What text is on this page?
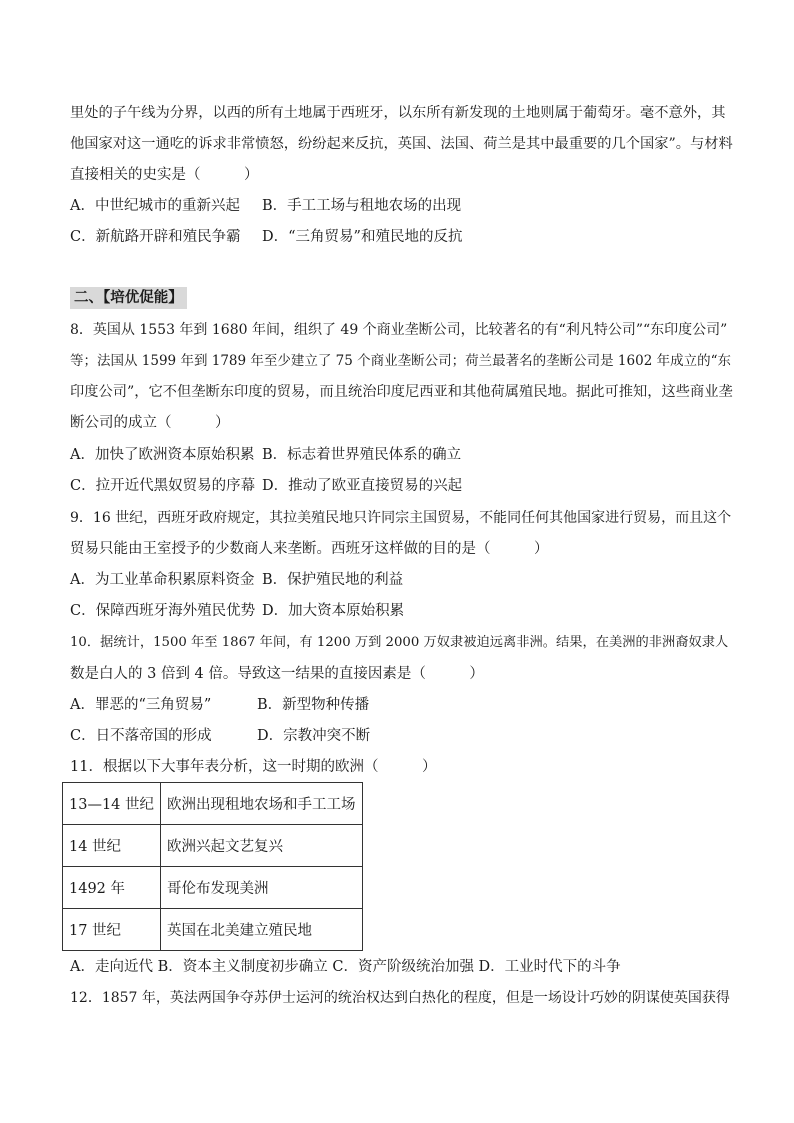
里处的子午线为分界，以西的所有土地属于西班牙，以东所有新发现的土地则属于葡萄牙。毫不意外，其
他国家对这一通吃的诉求非常愤怒，纷纷起来反抗，英国、法国、荷兰是其中最重要的几个国家”。与材料
直接相关的史实是（　　　）
A．中世纪城市的重新兴起 B．手工工场与租地农场的出现
C．新航路开辟和殖民争霸 D．“三角贸易”和殖民地的反抗
二、【培优促能】
8．英国从 1553 年到 1680 年间，组织了 49 个商业垄断公司，比较著名的有“利凡特公司”“东印度公司”
等；法国从 1599 年到 1789 年至少建立了 75 个商业垄断公司；荷兰最著名的垄断公司是 1602 年成立的“东
印度公司”，它不但垄断东印度的贸易，而且统治印度尼西亚和其他荷属殖民地。据此可推知，这些商业垄
断公司的成立（　　　）
A．加快了欧洲资本原始积累 B．标志着世界殖民体系的确立
C．拉开近代黑奴贸易的序幕 D．推动了欧亚直接贸易的兴起
9．16 世纪，西班牙政府规定，其拉美殖民地只许同宗主国贸易，不能同任何其他国家进行贸易，而且这个
贸易只能由王室授予的少数商人来垄断。西班牙这样做的目的是（　　　）
A．为工业革命积累原料资金 B．保护殖民地的利益
C．保障西班牙海外殖民优势 D．加大资本原始积累
10．据统计，1500 年至 1867 年间，有 1200 万到 2000 万奴隶被迫远离非洲。结果，在美洲的非洲裔奴隶人
数是白人的 3 倍到 4 倍。导致这一结果的直接因素是（　　　）
A．罪恶的“三角贸易”	B．新型物种传播
C．日不落帝国的形成	D．宗教冲突不断
11．根据以下大事年表分析，这一时期的欧洲（　　　）
13—14 世纪	欧洲出现租地农场和手工工场
14 世纪	欧洲兴起文艺复兴
1492 年	哥伦布发现美洲
17 世纪	英国在北美建立殖民地
A．走向近代 B．资本主义制度初步确立 C．资产阶级统治加强 D．工业时代下的斗争
12．1857 年，英法两国争夺苏伊士运河的统治权达到白热化的程度，但是一场设计巧妙的阴谋使英国获得
